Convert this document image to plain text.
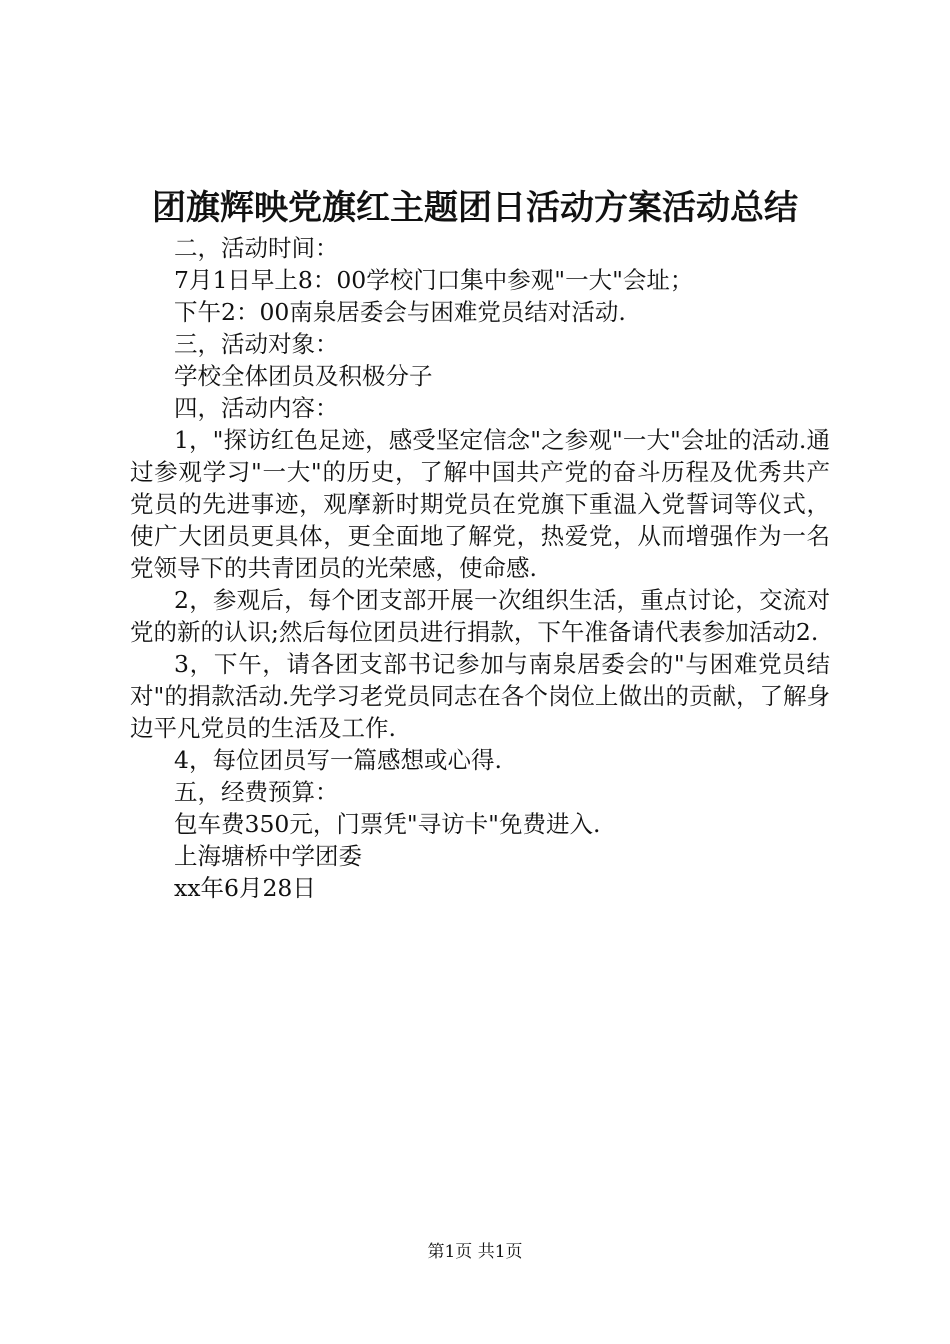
团旗辉映党旗红主题团日活动方案活动总结

二，活动时间：

7月1日早上8：00学校门口集中参观"一大"会址；

下午2：00南泉居委会与困难党员结对活动.

三，活动对象：

学校全体团员及积极分子

四，活动内容：

1，"探访红色足迹，感受坚定信念"之参观"一大"会址的活动.通过参观学习"一大"的历史，了解中国共产党的奋斗历程及优秀共产党员的先进事迹，观摩新时期党员在党旗下重温入党誓词等仪式，使广大团员更具体，更全面地了解党，热爱党，从而增强作为一名党领导下的共青团员的光荣感，使命感.

2，参观后，每个团支部开展一次组织生活，重点讨论，交流对党的新的认识;然后每位团员进行捐款，下午准备请代表参加活动2.

3，下午，请各团支部书记参加与南泉居委会的"与困难党员结对"的捐款活动.先学习老党员同志在各个岗位上做出的贡献，了解身边平凡党员的生活及工作.

4，每位团员写一篇感想或心得.

五，经费预算：

包车费350元，门票凭"寻访卡"免费进入.

上海塘桥中学团委

xx年6月28日

第1页 共1页
